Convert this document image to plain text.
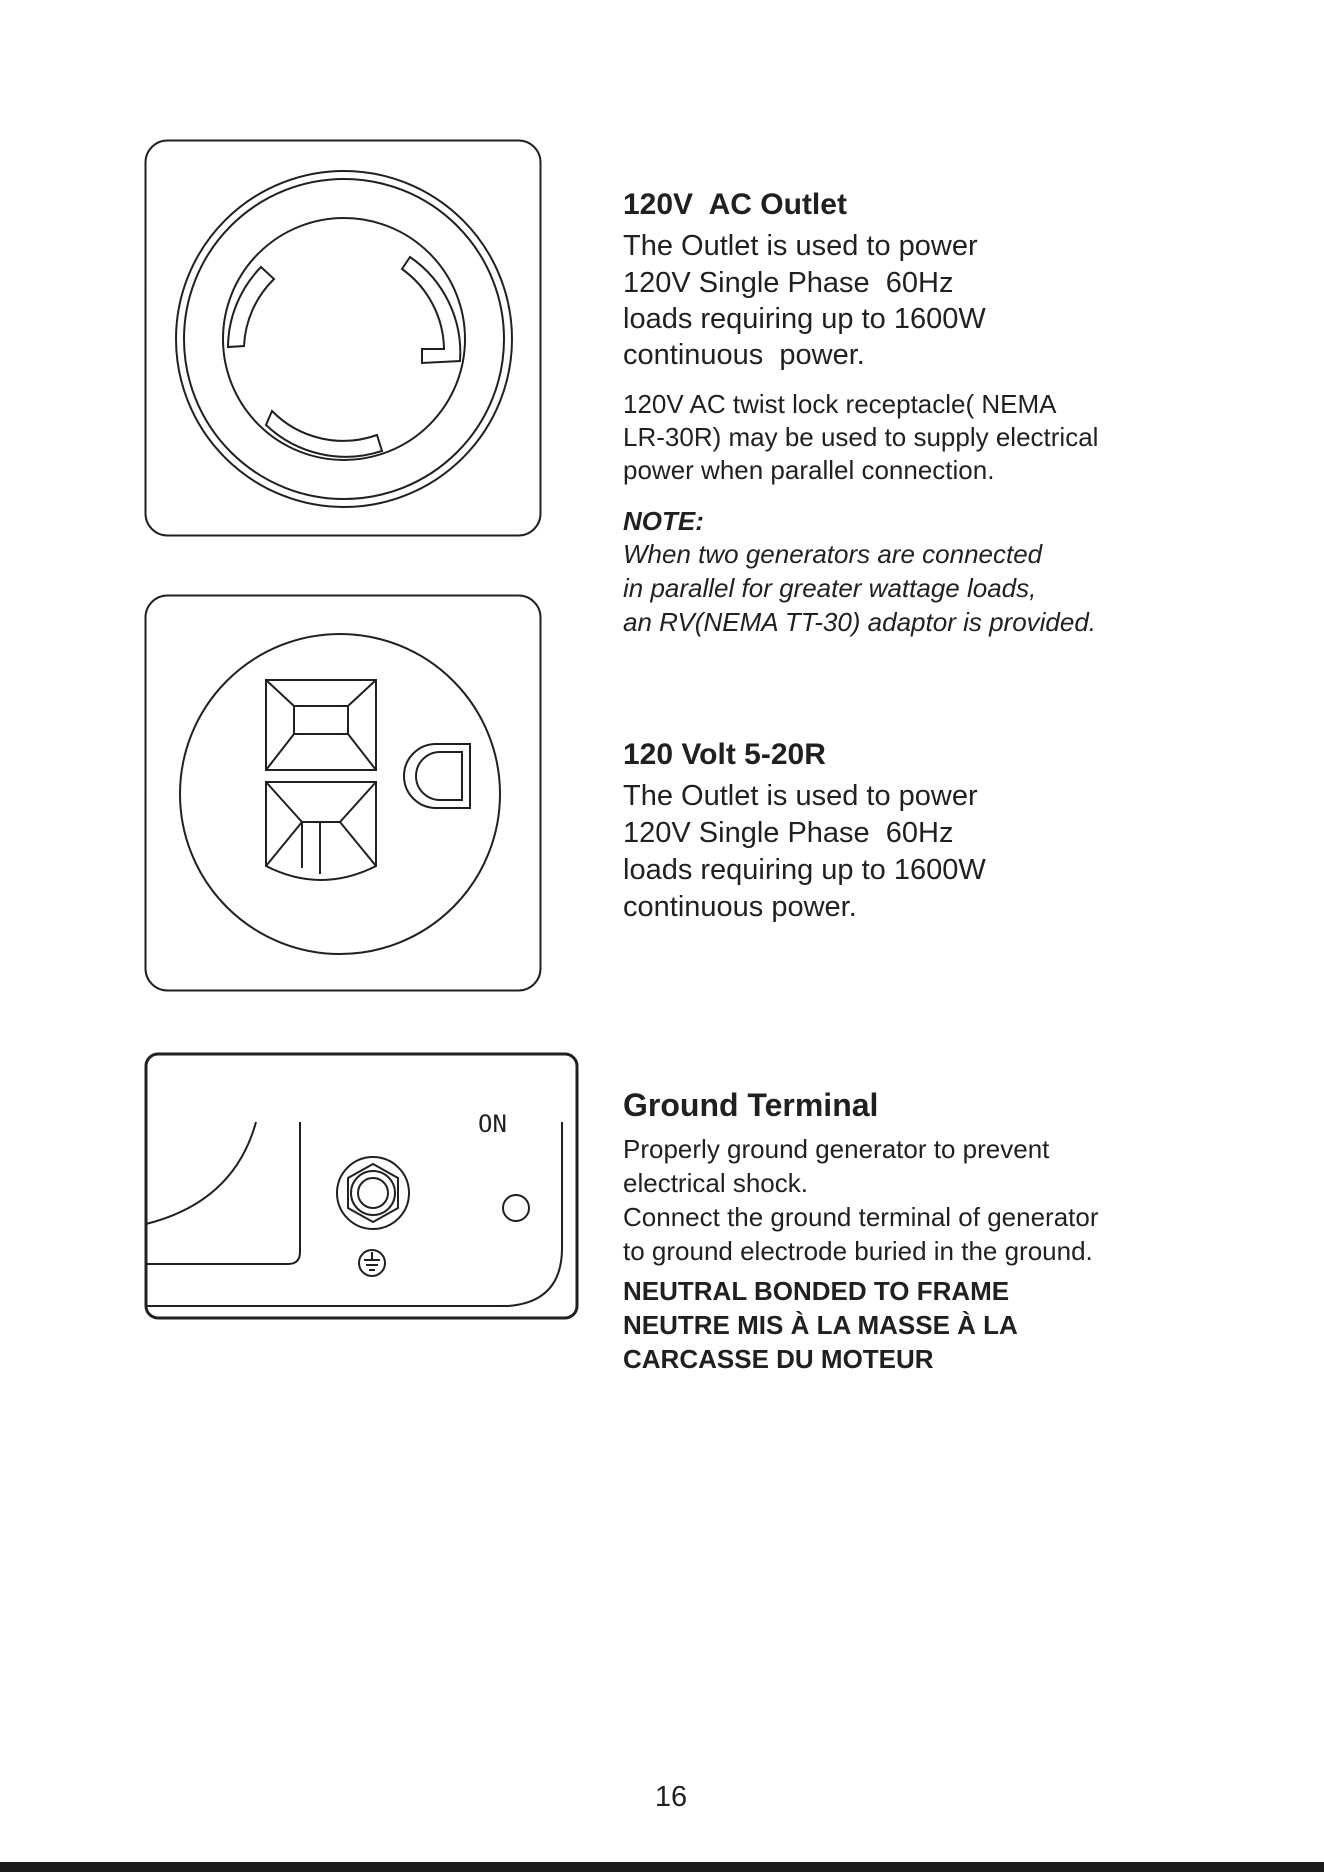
ON

120V  AC Outlet

The Outlet is used to power
120V Single Phase  60Hz
loads requiring up to 1600W
continuous  power.
120V AC twist lock receptacle( NEMA
LR-30R) may be used to supply electrical
power when parallel connection.
NOTE:
When two generators are connected
in parallel for greater wattage loads,
an RV(NEMA TT-30) adaptor is provided.

120 Volt 5-20R

The Outlet is used to power
120V Single Phase  60Hz
loads requiring up to 1600W
continuous power.

Ground Terminal

Properly ground generator to prevent
electrical shock.
Connect the ground terminal of generator
to ground electrode buried in the ground.
NEUTRAL BONDED TO FRAME
NEUTRE MIS À LA MASSE À LA
CARCASSE DU MOTEUR
16
